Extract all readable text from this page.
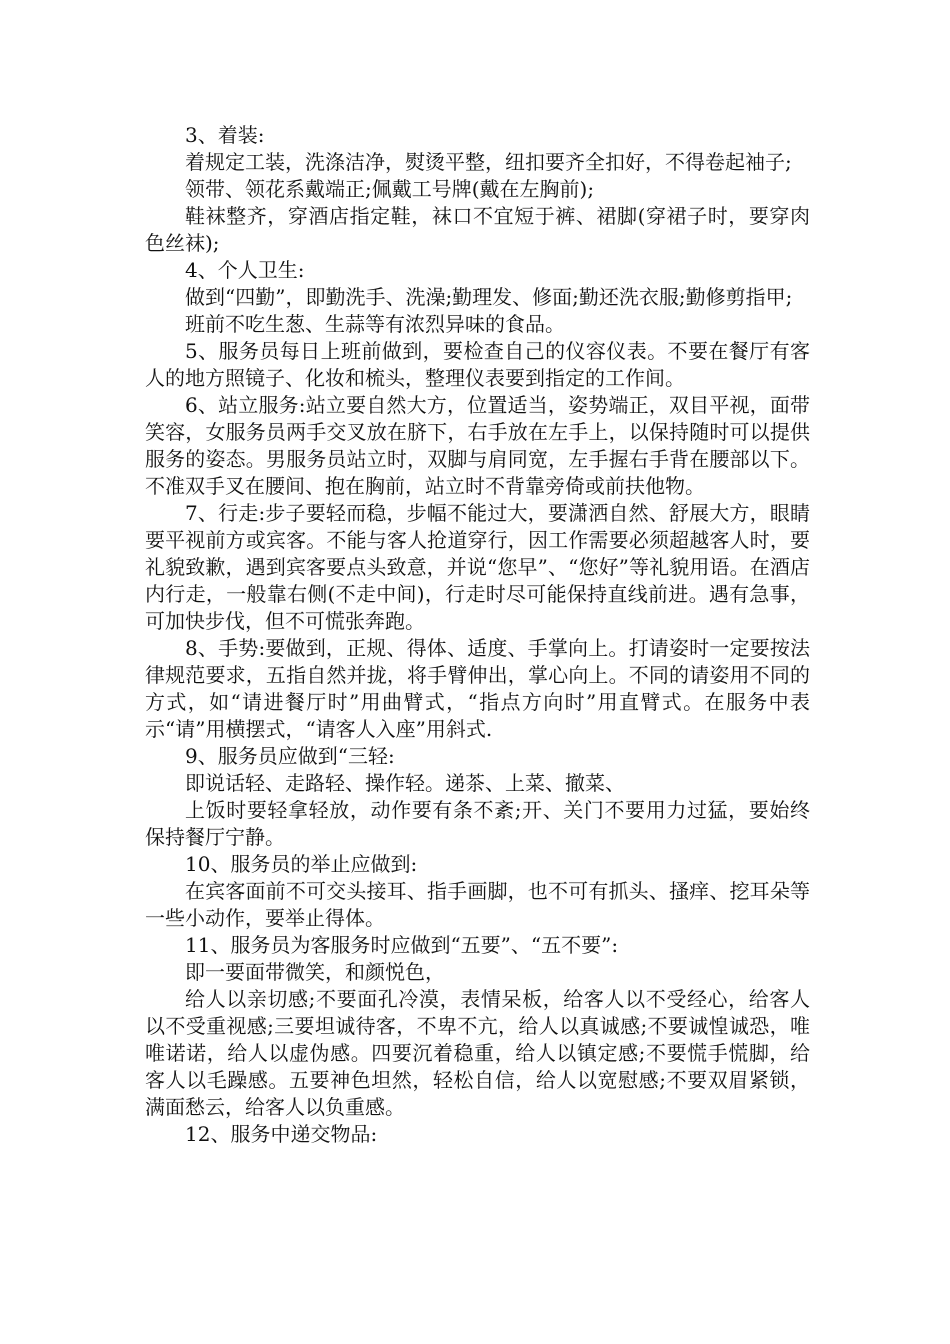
3、着装:

着规定工装，洗涤洁净，熨烫平整，纽扣要齐全扣好，不得卷起袖子;

领带、领花系戴端正;佩戴工号牌(戴在左胸前);

鞋袜整齐，穿酒店指定鞋，袜口不宜短于裤、裙脚(穿裙子时，要穿肉色丝袜);

4、个人卫生:

做到“四勤”，即勤洗手、洗澡;勤理发、修面;勤还洗衣服;勤修剪指甲;

班前不吃生葱、生蒜等有浓烈异味的食品。

5、服务员每日上班前做到，要检查自己的仪容仪表。不要在餐厅有客人的地方照镜子、化妆和梳头，整理仪表要到指定的工作间。

6、站立服务:站立要自然大方，位置适当，姿势端正，双目平视，面带笑容，女服务员两手交叉放在脐下，右手放在左手上，以保持随时可以提供服务的姿态。男服务员站立时，双脚与肩同宽，左手握右手背在腰部以下。不准双手叉在腰间、抱在胸前，站立时不背靠旁倚或前扶他物。

7、行走:步子要轻而稳，步幅不能过大，要潇洒自然、舒展大方，眼睛要平视前方或宾客。不能与客人抢道穿行，因工作需要必须超越客人时，要礼貌致歉，遇到宾客要点头致意，并说“您早”、“您好”等礼貌用语。在酒店内行走，一般靠右侧(不走中间)，行走时尽可能保持直线前进。遇有急事，可加快步伐，但不可慌张奔跑。

8、手势:要做到，正规、得体、适度、手掌向上。打请姿时一定要按法律规范要求，五指自然并拢，将手臂伸出，掌心向上。不同的请姿用不同的方式，如“请进餐厅时”用曲臂式，“指点方向时”用直臂式。在服务中表示“请”用横摆式，“请客人入座”用斜式.

9、服务员应做到“三轻:

即说话轻、走路轻、操作轻。递茶、上菜、撤菜、

上饭时要轻拿轻放，动作要有条不紊;开、关门不要用力过猛，要始终保持餐厅宁静。

10、服务员的举止应做到:

在宾客面前不可交头接耳、指手画脚，也不可有抓头、搔痒、挖耳朵等一些小动作，要举止得体。

11、服务员为客服务时应做到“五要”、“五不要”:

即一要面带微笑，和颜悦色，

给人以亲切感;不要面孔冷漠，表情呆板，给客人以不受经心，给客人以不受重视感;三要坦诚待客，不卑不亢，给人以真诚感;不要诚惶诚恐，唯唯诺诺，给人以虚伪感。四要沉着稳重，给人以镇定感;不要慌手慌脚，给客人以毛躁感。五要神色坦然，轻松自信，给人以宽慰感;不要双眉紧锁，满面愁云，给客人以负重感。

12、服务中递交物品:
